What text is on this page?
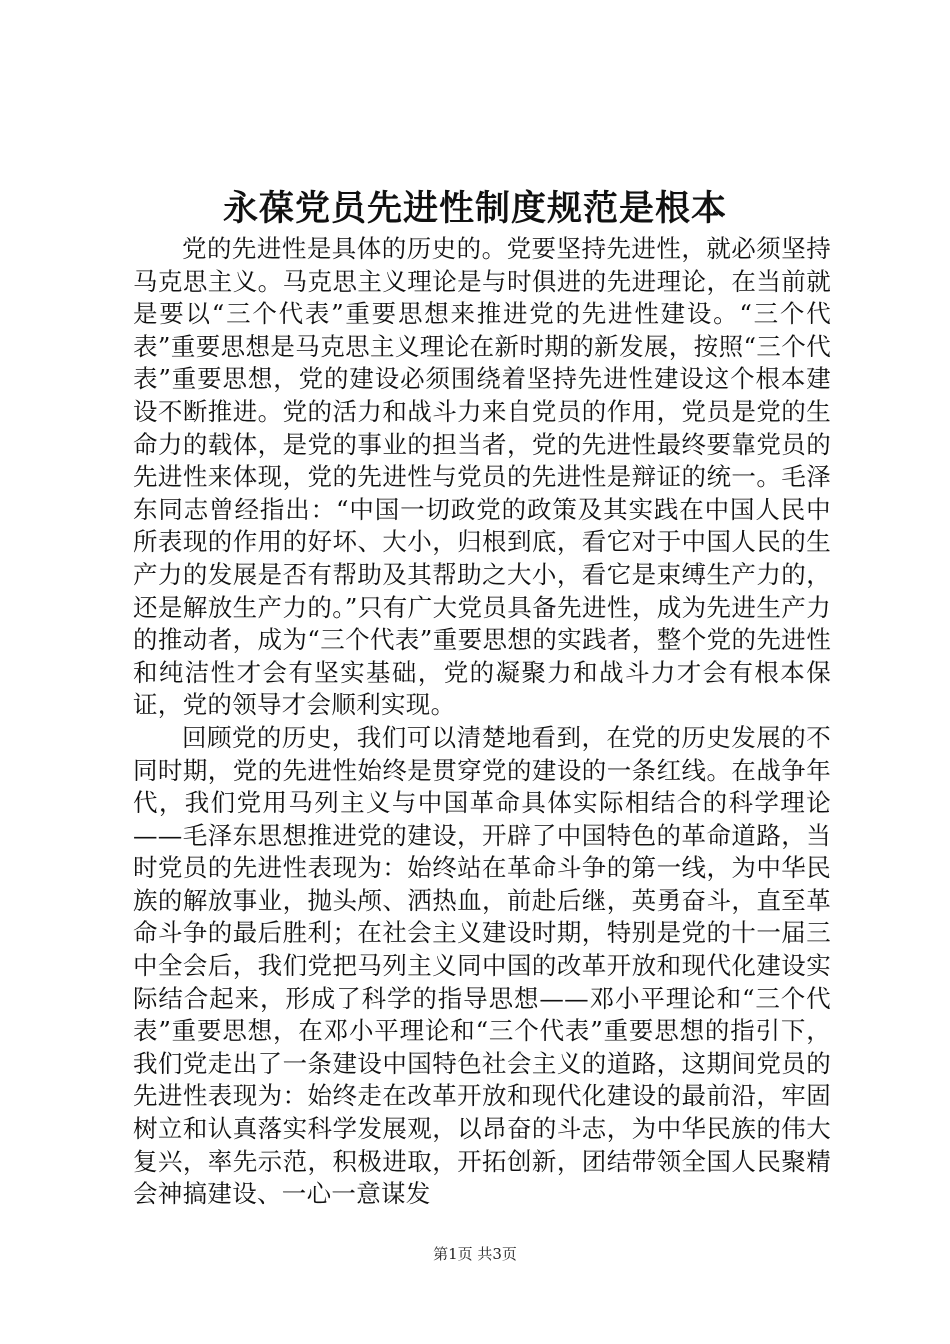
永葆党员先进性制度规范是根本

党的先进性是具体的历史的。党要坚持先进性，就必须坚持马克思主义。马克思主义理论是与时俱进的先进理论，在当前就是要以“三个代表”重要思想来推进党的先进性建设。“三个代表”重要思想是马克思主义理论在新时期的新发展，按照“三个代表”重要思想，党的建设必须围绕着坚持先进性建设这个根本建设不断推进。党的活力和战斗力来自党员的作用，党员是党的生命力的载体，是党的事业的担当者，党的先进性最终要靠党员的先进性来体现，党的先进性与党员的先进性是辩证的统一。毛泽东同志曾经指出：“中国一切政党的政策及其实践在中国人民中所表现的作用的好坏、大小，归根到底，看它对于中国人民的生产力的发展是否有帮助及其帮助之大小，看它是束缚生产力的，还是解放生产力的。”只有广大党员具备先进性，成为先进生产力的推动者，成为“三个代表”重要思想的实践者，整个党的先进性和纯洁性才会有坚实基础，党的凝聚力和战斗力才会有根本保证，党的领导才会顺利实现。

回顾党的历史，我们可以清楚地看到，在党的历史发展的不同时期，党的先进性始终是贯穿党的建设的一条红线。在战争年代，我们党用马列主义与中国革命具体实际相结合的科学理论——毛泽东思想推进党的建设，开辟了中国特色的革命道路，当时党员的先进性表现为：始终站在革命斗争的第一线，为中华民族的解放事业，抛头颅、洒热血，前赴后继，英勇奋斗，直至革命斗争的最后胜利；在社会主义建设时期，特别是党的十一届三中全会后，我们党把马列主义同中国的改革开放和现代化建设实际结合起来，形成了科学的指导思想——邓小平理论和“三个代表”重要思想，在邓小平理论和“三个代表”重要思想的指引下，我们党走出了一条建设中国特色社会主义的道路，这期间党员的先进性表现为：始终走在改革开放和现代化建设的最前沿，牢固树立和认真落实科学发展观，以昂奋的斗志，为中华民族的伟大复兴，率先示范，积极进取，开拓创新，团结带领全国人民聚精会神搞建设、一心一意谋发

第1页 共3页
